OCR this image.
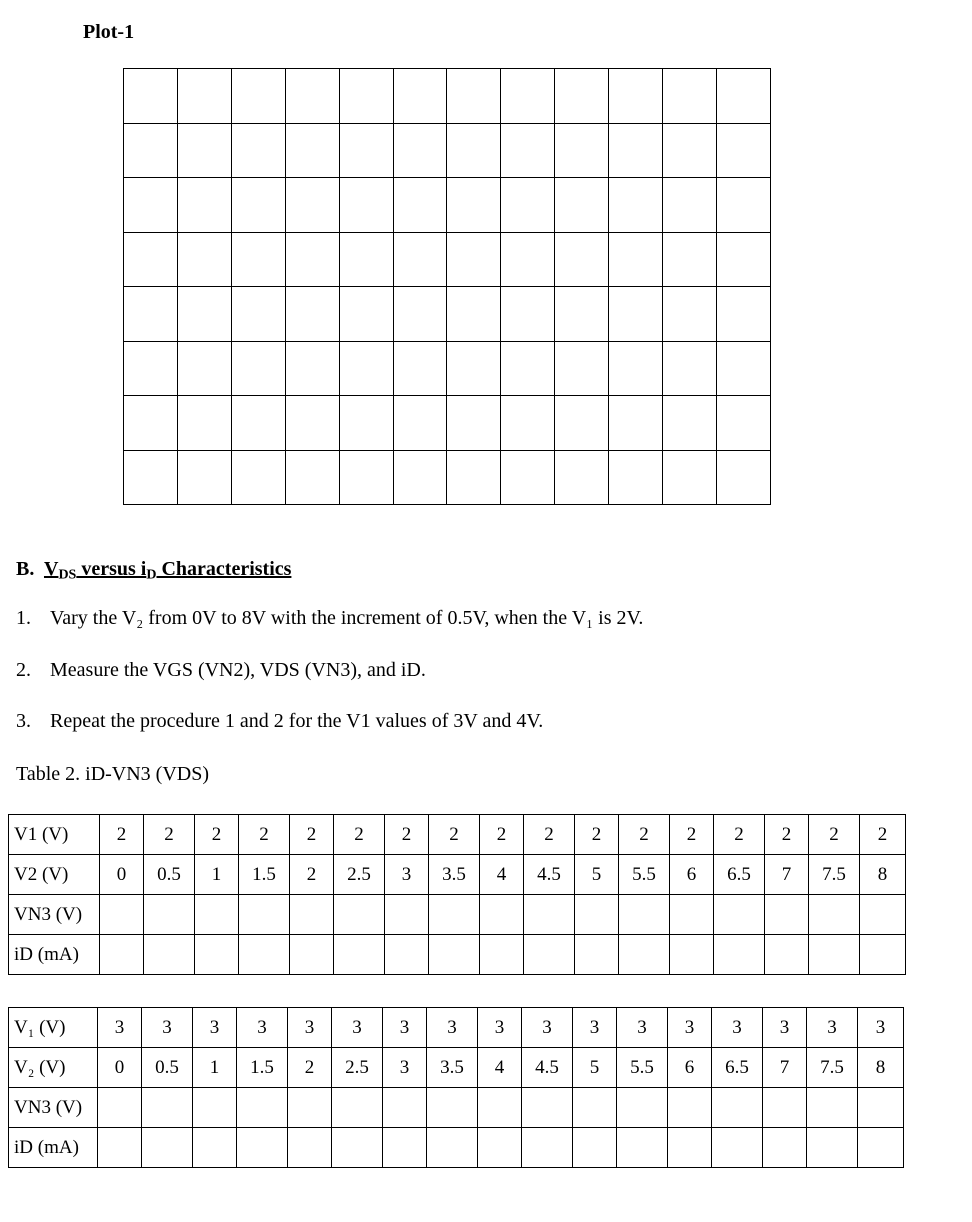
Plot-1

B. VDS versus iD Characteristics
1. Vary the V₂ from 0V to 8V with the increment of 0.5V, when the V₁ is 2V.
2. Measure the VGS (VN2), VDS (VN3), and iD.
3. Repeat the procedure 1 and 2 for the V1 values of 3V and 4V.
Table 2. iD-VN3 (VDS)
V1 (V)	2	2	2	2	2	2	2	2	2	2	2	2	2	2	2	2	2
V2 (V)	0	0.5	1	1.5	2	2.5	3	3.5	4	4.5	5	5.5	6	6.5	7	7.5	8
VN3 (V)																	
iD (mA)																	
V₁ (V)	3	3	3	3	3	3	3	3	3	3	3	3	3	3	3	3	3
V₂ (V)	0	0.5	1	1.5	2	2.5	3	3.5	4	4.5	5	5.5	6	6.5	7	7.5	8
VN3 (V)																	
iD (mA)																	
